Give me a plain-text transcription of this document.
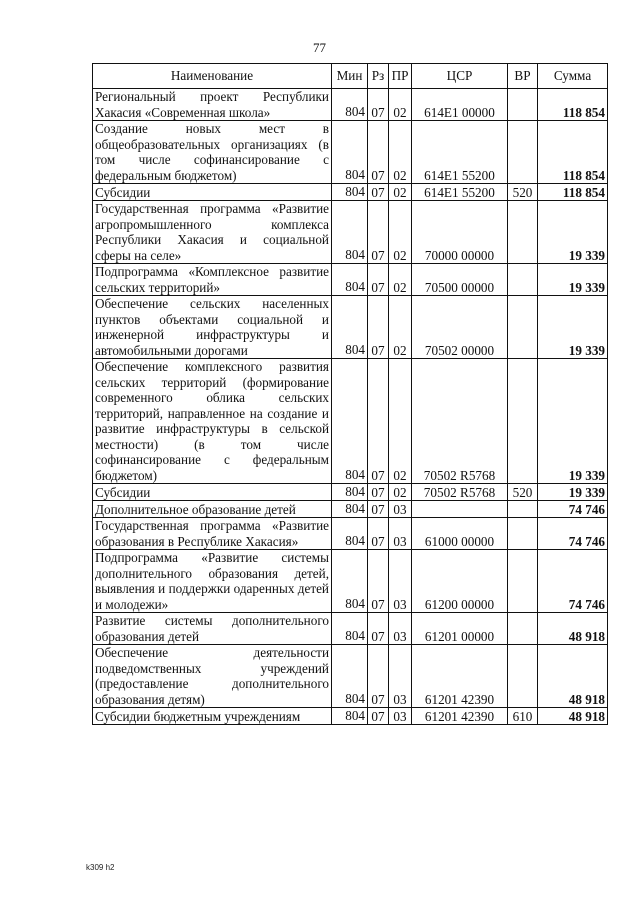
77
Наименование	Мин	Рз	ПР	ЦСР	ВР	Сумма
Региональный проект Республики Хакасия «Современная школа»	804	07	02	614E1 00000		118 854
Создание новых мест в общеобразовательных организациях (в том числе софинансирование с федеральным бюджетом)	804	07	02	614E1 55200		118 854
Субсидии	804	07	02	614E1 55200	520	118 854
Государственная программа «Развитие агропромышленного комплекса Республики Хакасия и социальной сферы на селе»	804	07	02	70000 00000		19 339
Подпрограмма «Комплексное развитие сельских территорий»	804	07	02	70500 00000		19 339
Обеспечение сельских населенных пунктов объектами социальной и инженерной инфраструктуры и автомобильными дорогами	804	07	02	70502 00000		19 339
Обеспечение комплексного развития сельских территорий (формирование современного облика сельских территорий, направленное на создание и развитие инфраструктуры в сельской местности) (в том числе софинансирование с федеральным бюджетом)	804	07	02	70502 R5768		19 339
Субсидии	804	07	02	70502 R5768	520	19 339
Дополнительное образование детей	804	07	03			74 746
Государственная программа «Развитие образования в Республике Хакасия»	804	07	03	61000 00000		74 746
Подпрограмма «Развитие системы дополнительного образования детей, выявления и поддержки одаренных детей и молодежи»	804	07	03	61200 00000		74 746
Развитие системы дополнительного образования детей	804	07	03	61201 00000		48 918
Обеспечение деятельности подведомственных учреждений (предоставление дополнительного образования детям)	804	07	03	61201 42390		48 918
Субсидии бюджетным учреждениям	804	07	03	61201 42390	610	48 918
k309 h2
